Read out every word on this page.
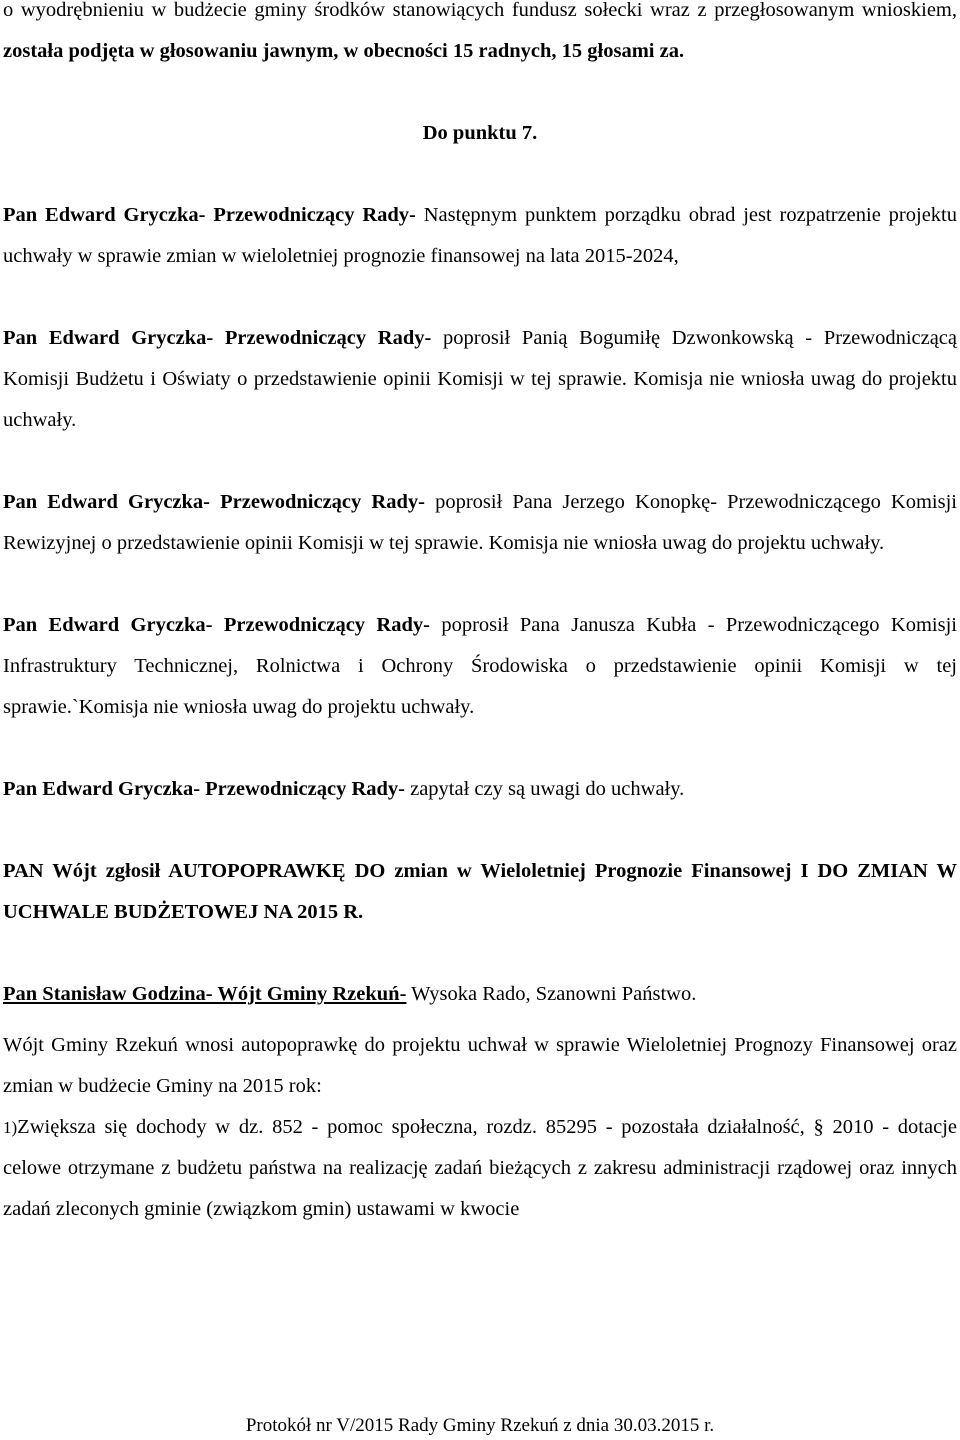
o wyodrębnieniu w budżecie gminy środków stanowiących fundusz sołecki wraz z przegłosowanym wnioskiem, została podjęta w głosowaniu jawnym, w obecności 15 radnych, 15 głosami za.

Do punktu 7.

Pan Edward Gryczka- Przewodniczący Rady- Następnym punktem porządku obrad jest rozpatrzenie projektu uchwały w sprawie zmian w wieloletniej prognozie finansowej na lata 2015-2024,

Pan Edward Gryczka- Przewodniczący Rady- poprosił Panią Bogumiłę Dzwonkowską - Przewodniczącą Komisji Budżetu i Oświaty o przedstawienie opinii Komisji w tej sprawie. Komisja nie wniosła uwag do projektu uchwały.

Pan Edward Gryczka- Przewodniczący Rady- poprosił Pana Jerzego Konopkę- Przewodniczącego Komisji Rewizyjnej o przedstawienie opinii Komisji w tej sprawie. Komisja nie wniosła uwag do projektu uchwały.

Pan Edward Gryczka- Przewodniczący Rady- poprosił Pana Janusza Kubła - Przewodniczącego Komisji Infrastruktury Technicznej, Rolnictwa i Ochrony Środowiska o przedstawienie opinii Komisji w tej sprawie.`Komisja nie wniosła uwag do projektu uchwały.

Pan Edward Gryczka- Przewodniczący Rady- zapytał czy są uwagi do uchwały.

PAN Wójt zgłosił AUTOPOPRAWKĘ DO zmian w Wieloletniej Prognozie Finansowej I DO ZMIAN W UCHWALE BUDŻETOWEJ NA 2015 R.

Pan Stanisław Godzina- Wójt Gminy Rzekuń- Wysoka Rado, Szanowni Państwo.

Wójt Gminy Rzekuń wnosi autopoprawkę do projektu uchwał w sprawie Wieloletniej Prognozy Finansowej oraz zmian w budżecie Gminy na 2015 rok:

1)Zwiększa się dochody w dz. 852 - pomoc społeczna, rozdz. 85295 - pozostała działalność, § 2010 - dotacje celowe otrzymane z budżetu państwa na realizację zadań bieżących z zakresu administracji rządowej oraz innych zadań zleconych gminie (związkom gmin) ustawami w kwocie

Protokół nr V/2015 Rady Gminy Rzekuń z dnia 30.03.2015 r.
